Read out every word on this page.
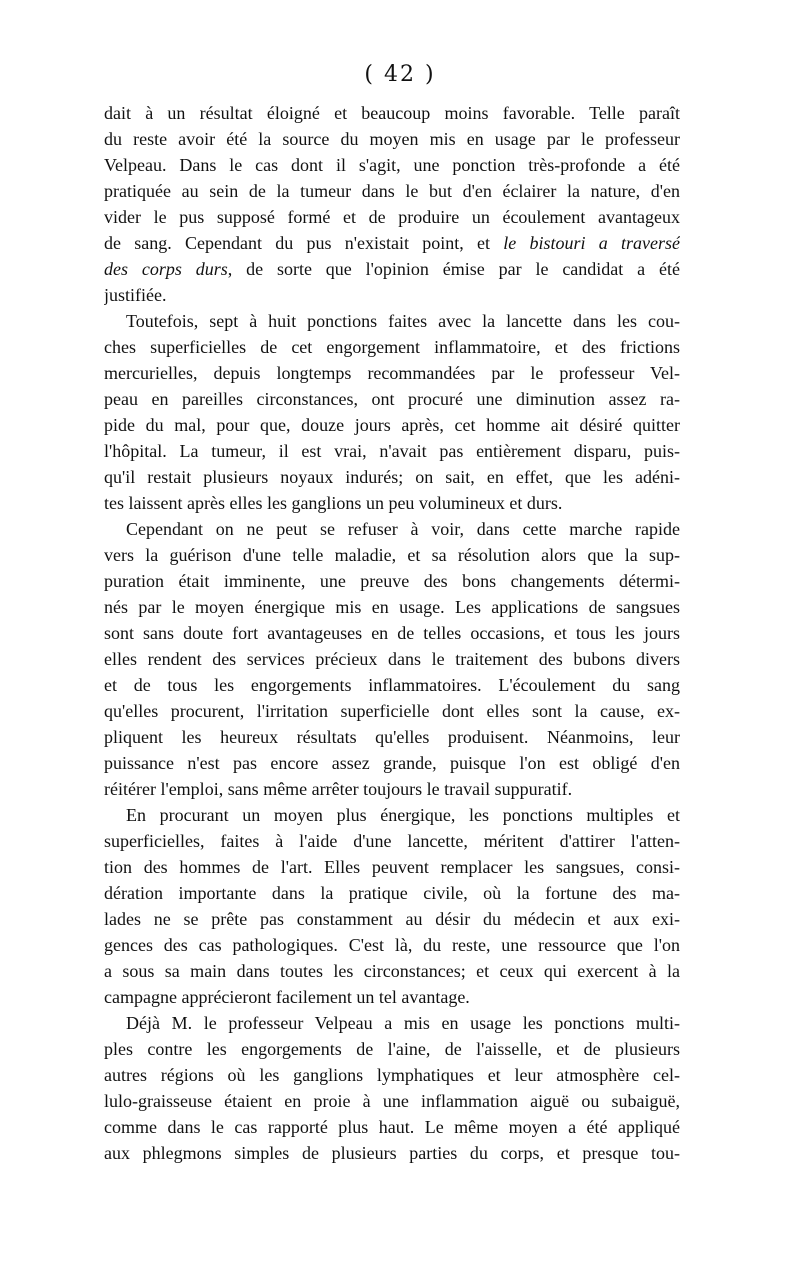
( 42 )

dait à un résultat éloigné et beaucoup moins favorable. Telle paraît
du reste avoir été la source du moyen mis en usage par le professeur
Velpeau. Dans le cas dont il s'agit, une ponction très-profonde a été
pratiquée au sein de la tumeur dans le but d'en éclairer la nature, d'en
vider le pus supposé formé et de produire un écoulement avantageux
de sang. Cependant du pus n'existait point, et le bistouri a traversé
des corps durs, de sorte que l'opinion émise par le candidat a été
justifiée.

Toutefois, sept à huit ponctions faites avec la lancette dans les cou-
ches superficielles de cet engorgement inflammatoire, et des frictions
mercurielles, depuis longtemps recommandées par le professeur Vel-
peau en pareilles circonstances, ont procuré une diminution assez ra-
pide du mal, pour que, douze jours après, cet homme ait désiré quitter
l'hôpital. La tumeur, il est vrai, n'avait pas entièrement disparu, puis-
qu'il restait plusieurs noyaux indurés; on sait, en effet, que les adéni-
tes laissent après elles les ganglions un peu volumineux et durs.

Cependant on ne peut se refuser à voir, dans cette marche rapide
vers la guérison d'une telle maladie, et sa résolution alors que la sup-
puration était imminente, une preuve des bons changements détermi-
nés par le moyen énergique mis en usage. Les applications de sangsues
sont sans doute fort avantageuses en de telles occasions, et tous les jours
elles rendent des services précieux dans le traitement des bubons divers
et de tous les engorgements inflammatoires. L'écoulement du sang
qu'elles procurent, l'irritation superficielle dont elles sont la cause, ex-
pliquent les heureux résultats qu'elles produisent. Néanmoins, leur
puissance n'est pas encore assez grande, puisque l'on est obligé d'en
réitérer l'emploi, sans même arrêter toujours le travail suppuratif.

En procurant un moyen plus énergique, les ponctions multiples et
superficielles, faites à l'aide d'une lancette, méritent d'attirer l'atten-
tion des hommes de l'art. Elles peuvent remplacer les sangsues, consi-
dération importante dans la pratique civile, où la fortune des ma-
lades ne se prête pas constamment au désir du médecin et aux exi-
gences des cas pathologiques. C'est là, du reste, une ressource que l'on
a sous sa main dans toutes les circonstances; et ceux qui exercent à la
campagne apprécieront facilement un tel avantage.

Déjà M. le professeur Velpeau a mis en usage les ponctions multi-
ples contre les engorgements de l'aine, de l'aisselle, et de plusieurs
autres régions où les ganglions lymphatiques et leur atmosphère cel-
lulo-graisseuse étaient en proie à une inflammation aiguë ou subaiguë,
comme dans le cas rapporté plus haut. Le même moyen a été appliqué
aux phlegmons simples de plusieurs parties du corps, et presque tou-
